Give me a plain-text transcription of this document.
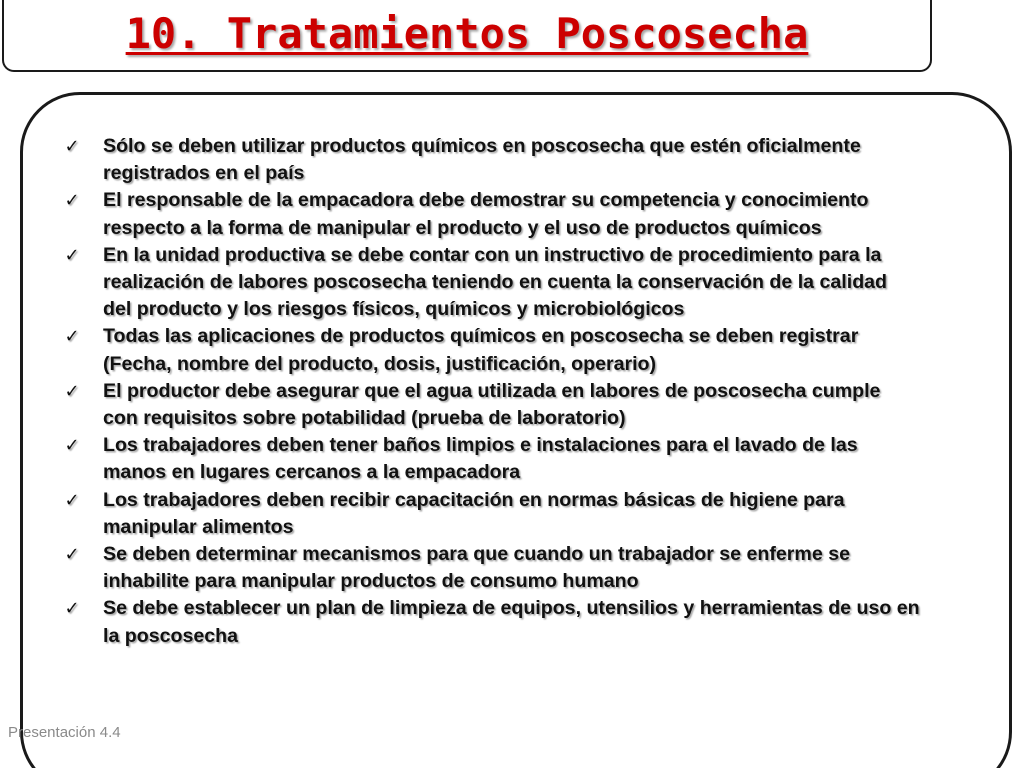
10. Tratamientos Poscosecha
Presentación 4.4
✓ Sólo se deben utilizar productos químicos en poscosecha que estén oficialmente registrados en el país
✓ El responsable de la empacadora debe demostrar su competencia y conocimiento respecto a la forma de manipular el producto y el uso de productos químicos
✓ En la unidad productiva se debe contar con un instructivo de procedimiento para la realización de labores poscosecha teniendo en cuenta la conservación de la calidad del producto y los riesgos físicos, químicos y microbiológicos
✓ Todas las aplicaciones de productos químicos en poscosecha se deben registrar (Fecha, nombre del producto, dosis, justificación, operario)
✓ El productor debe asegurar que el agua utilizada en labores de poscosecha cumple con requisitos sobre potabilidad (prueba de laboratorio)
✓ Los trabajadores deben tener baños limpios e instalaciones para el lavado de las manos en lugares cercanos a la empacadora
✓ Los trabajadores deben recibir capacitación en normas básicas de higiene para manipular alimentos
✓ Se deben determinar mecanismos para que cuando un trabajador se enferme se inhabilite para manipular productos de consumo humano
✓ Se debe establecer un plan de limpieza de equipos, utensilios y herramientas de uso en la poscosecha
